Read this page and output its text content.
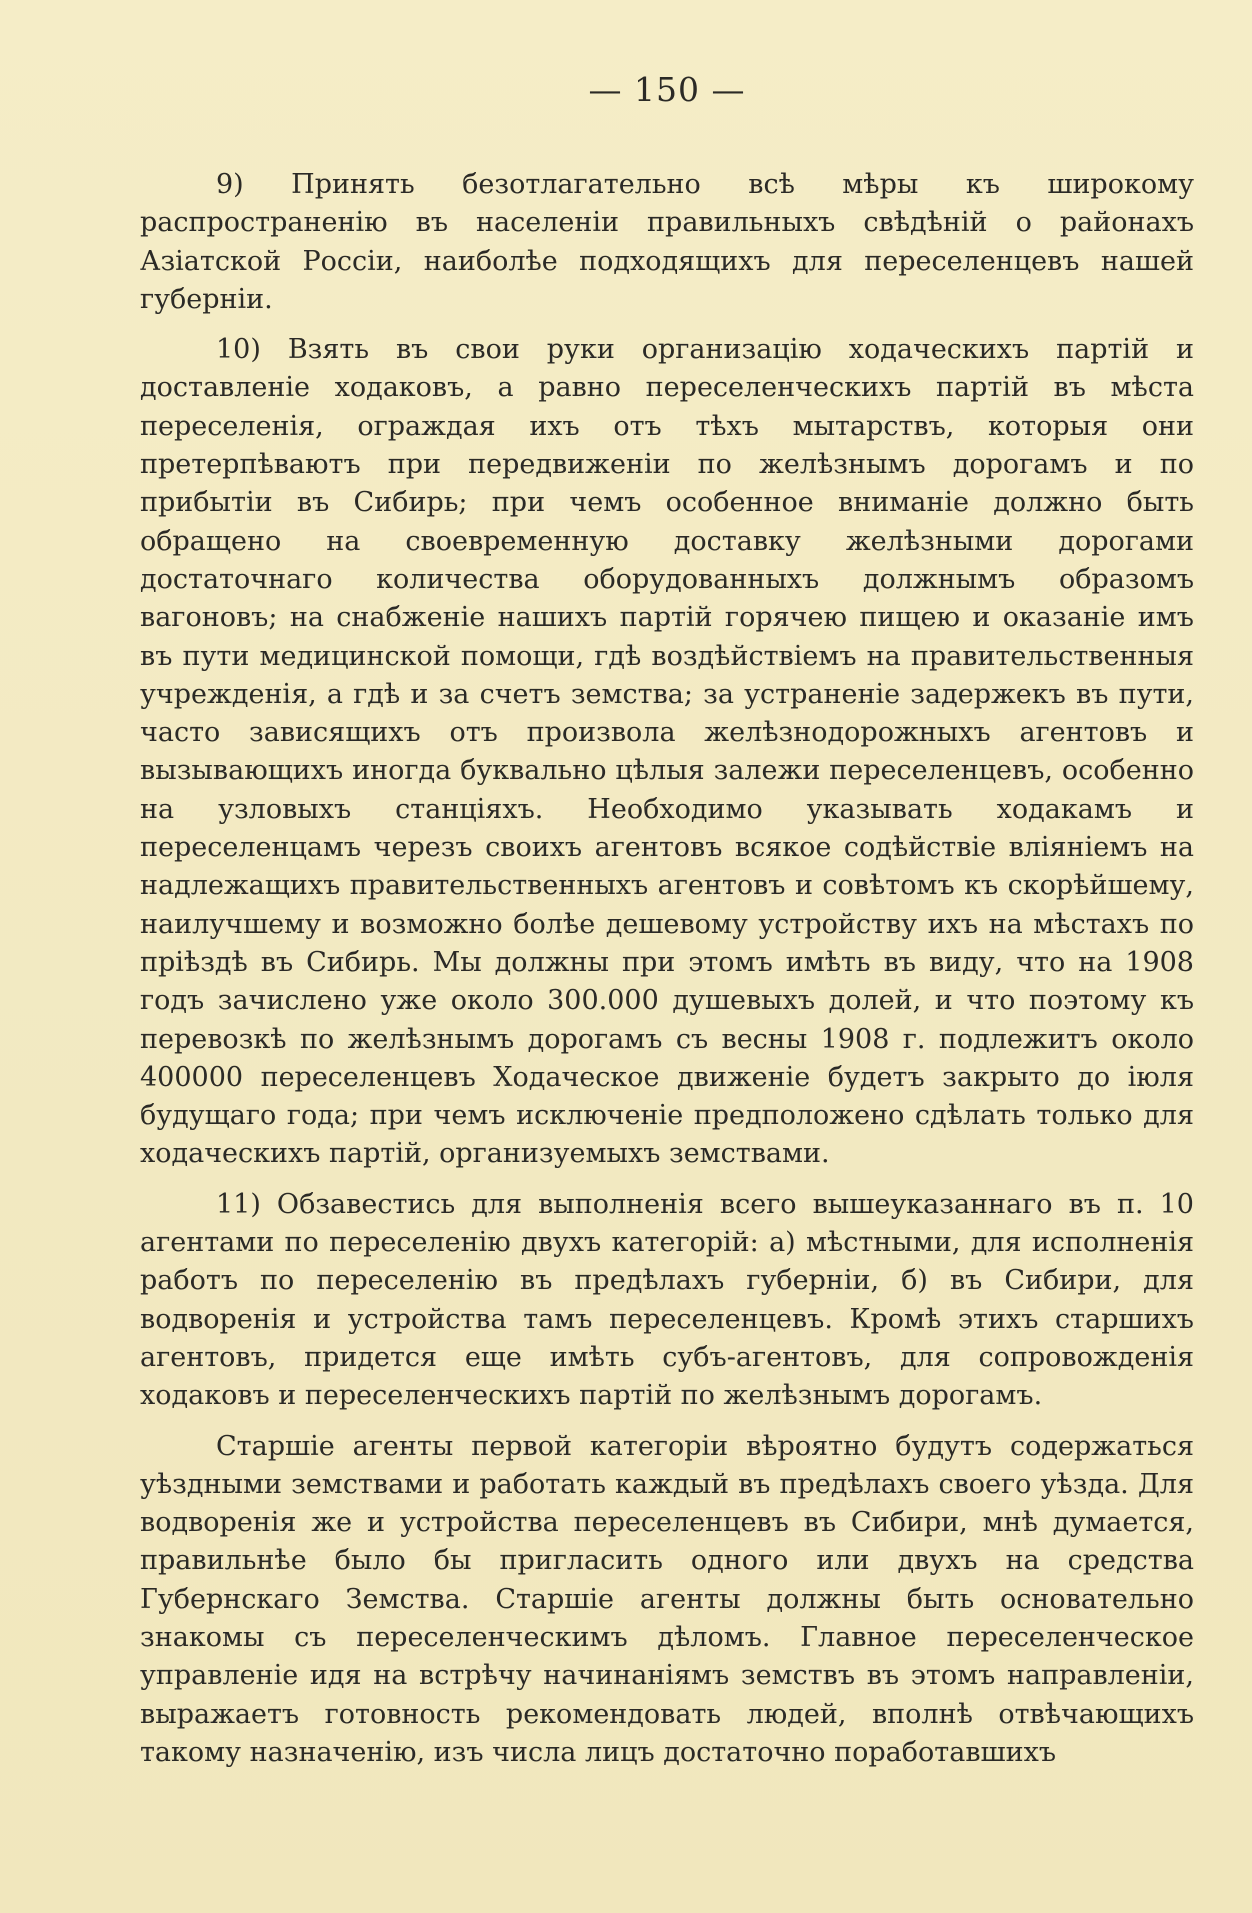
— 150 —

9) Принять безотлагательно всѣ мѣры къ широкому распространенію въ населеніи правильныхъ свѣдѣній о районахъ Азіатской Россіи, наиболѣе подходящихъ для переселенцевъ нашей губерніи.

10) Взять въ свои руки организацію ходаческихъ партій и доставленіе ходаковъ, а равно переселенческихъ партій въ мѣста переселенія, ограждая ихъ отъ тѣхъ мытарствъ, которыя они претерпѣваютъ при передвиженіи по желѣзнымъ дорогамъ и по прибытіи въ Сибирь; при чемъ особенное вниманіе должно быть обращено на своевременную доставку желѣзными дорогами достаточнаго количества оборудованныхъ должнымъ образомъ вагоновъ; на снабженіе нашихъ партій горячею пищею и оказаніе имъ въ пути медицинской помощи, гдѣ воздѣйствіемъ на правительственныя учрежденія, а гдѣ и за счетъ земства; за устраненіе задержекъ въ пути, часто зависящихъ отъ произвола желѣзнодорожныхъ агентовъ и вызывающихъ иногда буквально цѣлыя залежи переселенцевъ, особенно на узловыхъ станціяхъ. Необходимо указывать ходакамъ и переселенцамъ черезъ своихъ агентовъ всякое содѣйствіе вліяніемъ на надлежащихъ правительственныхъ агентовъ и совѣтомъ къ скорѣйшему, наилучшему и возможно болѣе дешевому устройству ихъ на мѣстахъ по пріѣздѣ въ Сибирь. Мы должны при этомъ имѣть въ виду, что на 1908 годъ зачислено уже около 300.000 душевыхъ долей, и что поэтому къ перевозкѣ по желѣзнымъ дорогамъ съ весны 1908 г. подлежитъ около 400000 переселенцевъ Ходаческое движеніе будетъ закрыто до іюля будущаго года; при чемъ исключеніе предположено сдѣлать только для ходаческихъ партій, организуемыхъ земствами.

11) Обзавестись для выполненія всего вышеуказаннаго въ п. 10 агентами по переселенію двухъ категорій: а) мѣстными, для исполненія работъ по переселенію въ предѣлахъ губерніи, б) въ Сибири, для водворенія и устройства тамъ переселенцевъ. Кромѣ этихъ старшихъ агентовъ, придется еще имѣть субъ-агентовъ, для сопровожденія ходаковъ и переселенческихъ партій по желѣзнымъ дорогамъ.

Старшіе агенты первой категоріи вѣроятно будутъ содержаться уѣздными земствами и работать каждый въ предѣлахъ своего уѣзда. Для водворенія же и устройства переселенцевъ въ Сибири, мнѣ думается, правильнѣе было бы пригласить одного или двухъ на средства Губернскаго Земства. Старшіе агенты должны быть основательно знакомы съ переселенческимъ дѣломъ. Главное переселенческое управленіе идя на встрѣчу начинаніямъ земствъ въ этомъ направленіи, выражаетъ готовность рекомендовать людей, вполнѣ отвѣчающихъ такому назначенію, изъ числа лицъ достаточно поработавшихъ
